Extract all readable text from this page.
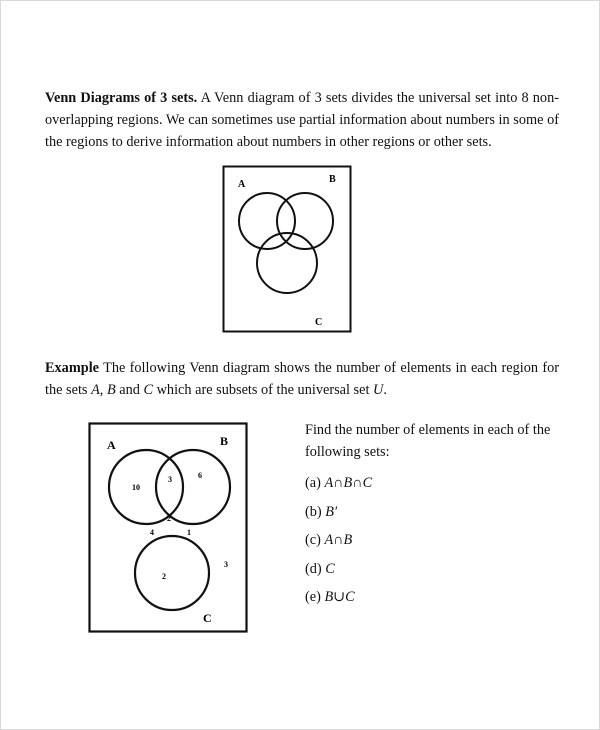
Venn Diagrams of 3 sets. A Venn diagram of 3 sets divides the universal set into 8 non-overlapping regions. We can sometimes use partial information about numbers in some of the regions to derive information about numbers in other regions or other sets.

A	B
C

Example The following Venn diagram shows the number of elements in each region for the sets A, B and C which are subsets of the universal set U.

A	B
C
10
3	6
2
4	1
2
3
Find the number of elements in each of the following sets:
(a) A∩B∩C
(b) B′
(c) A∩B
(d) C
(e) B∪C
